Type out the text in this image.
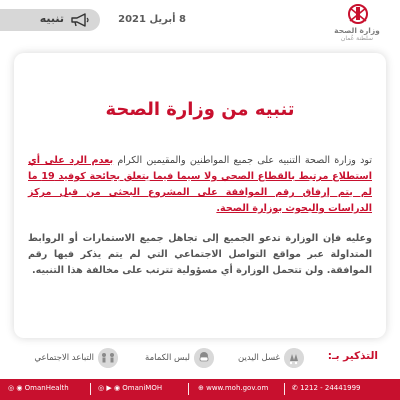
وزارة الصحة
سلطنة عُمان
8 أبريل 2021
تنبيه
تنبيه من وزارة الصحة

تود وزارة الصحة التنبيه على جميع المواطنين والمقيمين الكرام بعدم الرد على أي استطلاع مرتبط بالقطاع الصحي ولا سيما فيما يتعلق بجائحة كوفيد 19 ما لم يتم إرفاق رقم الموافقة على المشروع البحثي من قبل مركز الدراسات والبحوث بوزارة الصحة.

وعليه فإن الوزارة تدعو الجميع إلى تجاهل جميع الاستمارات أو الروابط المتداولة عبر مواقع التواصل الاجتماعي التي لم يتم يذكر فيها رقم الموافقة. ولن تتحمل الوزارة أي مسؤولية تترتب على مخالفة هذا التنبيه.

التذكير بـ:
غسل اليدين
لبس الكمامة
التباعد الاجتماعي
◎ ◉ OmanHealth	◎ ▶ ◉ OmaniMOH	⊕ www.moh.gov.om	✆ 1212 - 24441999
